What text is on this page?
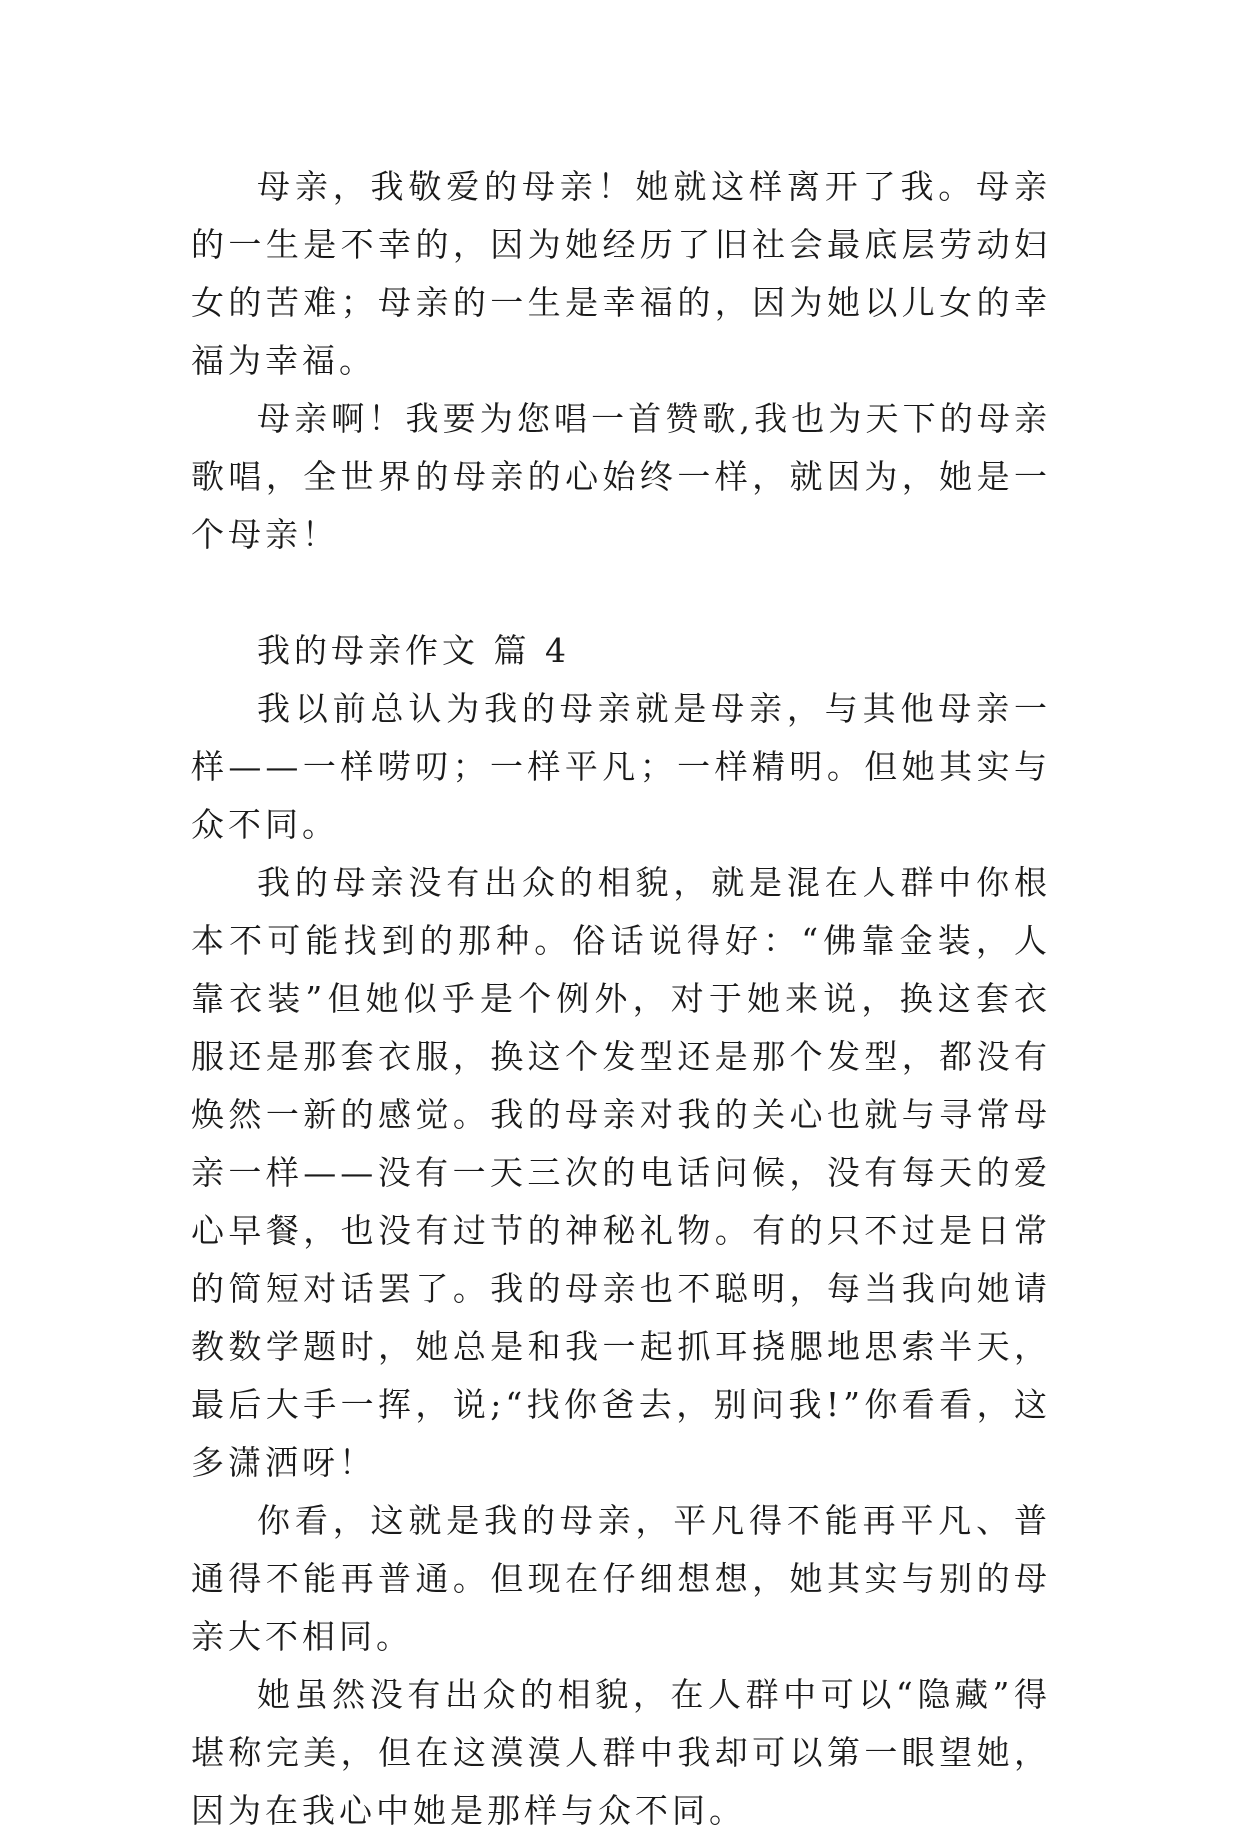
母亲，我敬爱的母亲！她就这样离开了我。母亲的一生是不幸的，因为她经历了旧社会最底层劳动妇女的苦难；母亲的一生是幸福的，因为她以儿女的幸福为幸福。

母亲啊！我要为您唱一首赞歌,我也为天下的母亲歌唱，全世界的母亲的心始终一样，就因为，她是一个母亲！

我的母亲作文 篇 4

我以前总认为我的母亲就是母亲，与其他母亲一样——一样唠叨；一样平凡；一样精明。但她其实与众不同。

我的母亲没有出众的相貌，就是混在人群中你根本不可能找到的那种。俗话说得好：“佛靠金装，人靠衣装”但她似乎是个例外，对于她来说，换这套衣服还是那套衣服，换这个发型还是那个发型，都没有焕然一新的感觉。我的母亲对我的关心也就与寻常母亲一样——没有一天三次的电话问候，没有每天的爱心早餐，也没有过节的神秘礼物。有的只不过是日常的简短对话罢了。我的母亲也不聪明，每当我向她请教数学题时，她总是和我一起抓耳挠腮地思索半天，最后大手一挥，说;“找你爸去，别问我!”你看看，这多潇洒呀！

你看，这就是我的母亲，平凡得不能再平凡、普通得不能再普通。但现在仔细想想，她其实与别的母亲大不相同。

她虽然没有出众的相貌，在人群中可以“隐藏”得堪称完美，但在这漠漠人群中我却可以第一眼望她，因为在我心中她是那样与众不同。
